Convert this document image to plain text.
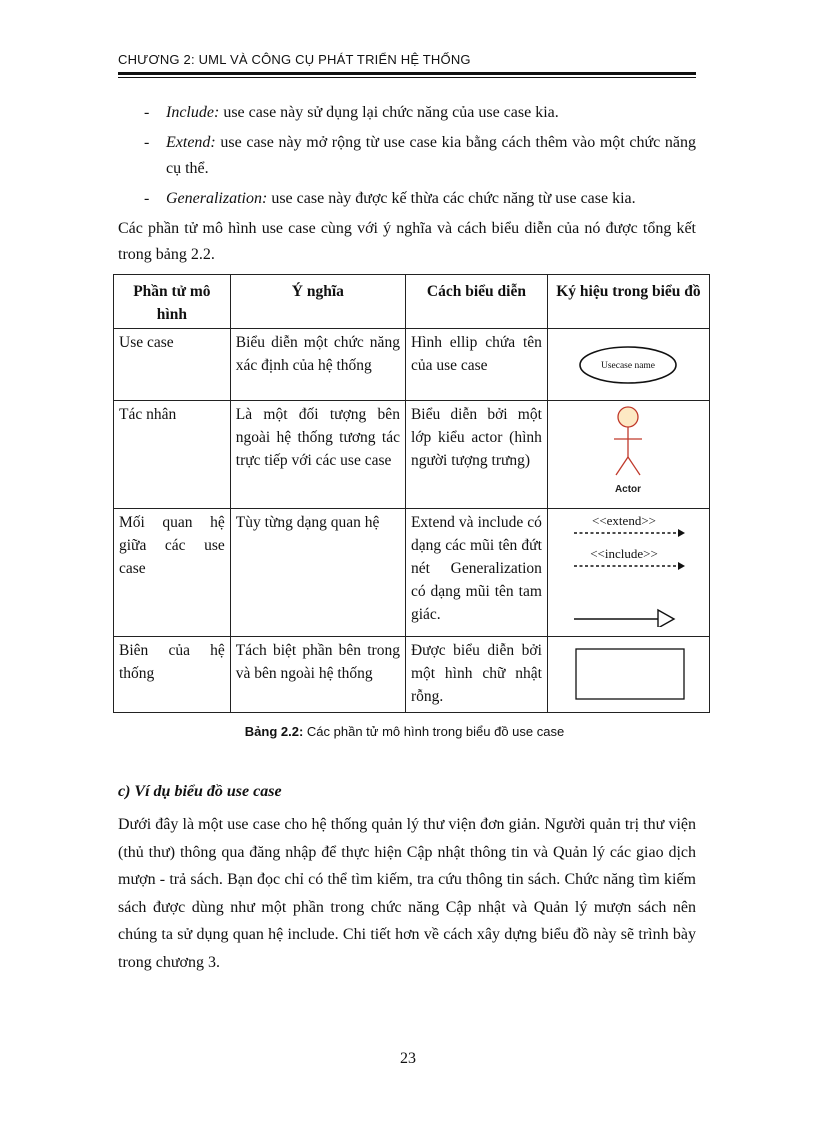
CHƯƠNG 2: UML VÀ CÔNG CỤ PHÁT TRIỂN HỆ THỐNG
- Include: use case này sử dụng lại chức năng của use case kia.
- Extend: use case này mở rộng từ use case kia bằng cách thêm vào một chức năng cụ thể.
- Generalization: use case này được kế thừa các chức năng từ use case kia.
Các phần tử mô hình use case cùng với ý nghĩa và cách biểu diễn của nó được tổng kết trong bảng 2.2.
Phần tử mô hình	Ý nghĩa	Cách biểu diễn	Ký hiệu trong biểu đồ
Use case	Biểu diễn một chức năng xác định của hệ thống	Hình ellip chứa tên của use case	Usecase name

Tác nhân	Là một đối tượng bên ngoài hệ thống tương tác trực tiếp với các use case	Biểu diễn bởi một lớp kiểu actor (hình người tượng trưng)	Actor

Mối quan hệ giữa các use case	Tùy từng dạng quan hệ	Extend và include có dạng các mũi tên đứt nét Generalization có dạng mũi tên tam giác.	<<extend>>
<<include>>

Biên của hệ thống	Tách biệt phần bên trong và bên ngoài hệ thống	Được biểu diễn bởi một hình chữ nhật rỗng.	
Bảng 2.2: Các phần tử mô hình trong biểu đồ use case
c) Ví dụ biểu đồ use case
Dưới đây là một use case cho hệ thống quản lý thư viện đơn giản. Người quản trị thư viện (thủ thư) thông qua đăng nhập để thực hiện Cập nhật thông tin và Quản lý các giao dịch mượn - trả sách. Bạn đọc chỉ có thể tìm kiếm, tra cứu thông tin sách. Chức năng tìm kiếm sách được dùng như một phần trong chức năng Cập nhật và Quản lý mượn sách nên chúng ta sử dụng quan hệ include. Chi tiết hơn về cách xây dựng biểu đồ này sẽ trình bày trong chương 3.
23
